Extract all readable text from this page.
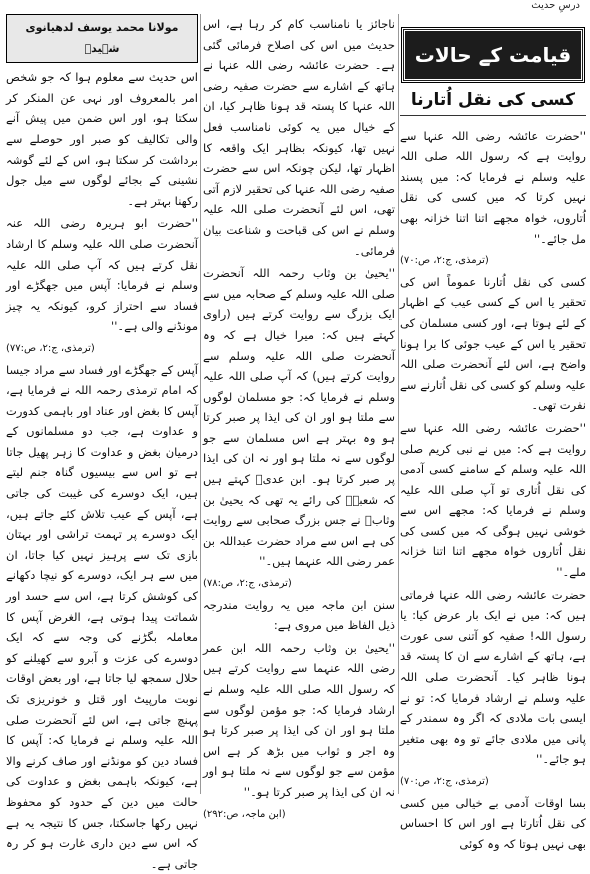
درسِ حدیث
قیامت کے حالات
کسی کی نقل اُتارنا

''حضرت عائشہ رضی اللہ عنہا سے روایت ہے کہ رسول اللہ صلی اللہ علیہ وسلم نے فرمایا کہ: میں پسند نہیں کرتا کہ میں کسی کی نقل اُتاروں، خواہ مجھے اتنا اتنا خزانہ بھی مل جائے۔''

(ترمذی، ج:۲، ص:۷۰)

کسی کی نقل اُتارنا عموماً اس کی تحقیر یا اس کے کسی عیب کے اظہار کے لئے ہوتا ہے، اور کسی مسلمان کی تحقیر یا اس کے عیب جوئی کا برا ہونا واضح ہے، اس لئے آنحضرت صلی اللہ علیہ وسلم کو کسی کی نقل اُتارنے سے نفرت تھی۔

''حضرت عائشہ رضی اللہ عنہا سے روایت ہے کہ: میں نے نبی کریم صلی اللہ علیہ وسلم کے سامنے کسی آدمی کی نقل اُتاری تو آپ صلی اللہ علیہ وسلم نے فرمایا کہ: مجھے اس سے خوشی نہیں ہوگی کہ میں کسی کی نقل اُتاروں خواہ مجھے اتنا اتنا خزانہ ملے۔''

حضرت عائشہ رضی اللہ عنہا فرماتی ہیں کہ: میں نے ایک بار عرض کیا: یا رسول اللہ! صفیہ کو آتنی سی عورت ہے، ہاتھ کے اشارے سے ان کا پستہ قد ہونا ظاہر کیا۔ آنحضرت صلی اللہ علیہ وسلم نے ارشاد فرمایا کہ: تو نے ایسی بات ملادی کہ اگر وہ سمندر کے پانی میں ملادی جائے تو وہ بھی متغیر ہو جائے۔''

(ترمذی، ج:۲، ص:۷۰)

بسا اوقات آدمی بے خیالی میں کسی کی نقل اُتارتا ہے اور اس کا احساس بھی نہیں ہوتا کہ وہ کوئی

ناجائز یا نامناسب کام کر رہا ہے، اس حدیث میں اس کی اصلاح فرمائی گئی ہے۔ حضرت عائشہ رضی اللہ عنہا نے ہاتھ کے اشارے سے حضرت صفیہ رضی اللہ عنہا کا پستہ قد ہونا ظاہر کیا، ان کے خیال میں یہ کوئی نامناسب فعل نہیں تھا، کیونکہ بظاہر ایک واقعہ کا اظہار تھا، لیکن چونکہ اس سے حضرت صفیہ رضی اللہ عنہا کی تحقیر لازم آتی تھی، اس لئے آنحضرت صلی اللہ علیہ وسلم نے اس کی قباحت و شناعت بیان فرمائی۔

''یحییٰ بن وثاب رحمہ اللہ آنحضرت صلی اللہ علیہ وسلم کے صحابہ میں سے ایک بزرگ سے روایت کرتے ہیں (راوی کہتے ہیں کہ: میرا خیال ہے کہ وہ آنحضرت صلی اللہ علیہ وسلم سے روایت کرتے ہیں) کہ آپ صلی اللہ علیہ وسلم نے فرمایا کہ: جو مسلمان لوگوں سے ملتا ہو اور ان کی ایذا پر صبر کرتا ہو وہ بہتر ہے اس مسلمان سے جو لوگوں سے نہ ملتا ہو اور نہ ان کی ایذا پر صبر کرتا ہو۔ ابن عدیؒ کہتے ہیں کہ شعبہؒ کی رائے یہ تھی کہ یحییٰ بن وثابؒ نے جس بزرگ صحابی سے روایت کی ہے اس سے مراد حضرت عبداللہ بن عمر رضی اللہ عنہما ہیں۔''

(ترمذی، ج:۲، ص:۷۸)

سنن ابن ماجہ میں یہ روایت مندرجہ ذیل الفاظ میں مروی ہے:

''یحییٰ بن وثاب رحمہ اللہ ابن عمر رضی اللہ عنہما سے روایت کرتے ہیں کہ رسول اللہ صلی اللہ علیہ وسلم نے ارشاد فرمایا کہ: جو مؤمن لوگوں سے ملتا ہو اور ان کی ایذا پر صبر کرتا ہو وہ اجر و ثواب میں بڑھ کر ہے اس مؤمن سے جو لوگوں سے نہ ملتا ہو اور نہ ان کی ایذا پر صبر کرتا ہو۔''

(ابن ماجہ، ص:۲۹۲)
مولانا محمد یوسف لدھیانوی شہیدؒ

اس حدیث سے معلوم ہوا کہ جو شخص امر بالمعروف اور نہی عن المنکر کر سکتا ہو، اور اس ضمن میں پیش آنے والی تکالیف کو صبر اور حوصلے سے برداشت کر سکتا ہو، اس کے لئے گوشہ نشینی کے بجائے لوگوں سے میل جول رکھنا بہتر ہے۔

''حضرت ابو ہریرہ رضی اللہ عنہ آنحضرت صلی اللہ علیہ وسلم کا ارشاد نقل کرتے ہیں کہ آپ صلی اللہ علیہ وسلم نے فرمایا: آپس میں جھگڑے اور فساد سے احتراز کرو، کیونکہ یہ چیز مونڈنے والی ہے۔''

(ترمذی، ج:۲، ص:۷۷)

آپس کے جھگڑے اور فساد سے مراد جیسا کہ امام ترمذی رحمہ اللہ نے فرمایا ہے، آپس کا بغض اور عناد اور باہمی کدورت و عداوت ہے، جب دو مسلمانوں کے درمیان بغض و عداوت کا زہر پھیل جاتا ہے تو اس سے بیسیوں گناہ جنم لیتے ہیں، ایک دوسرے کی غیبت کی جاتی ہے، آپس کے عیب تلاش کئے جاتے ہیں، ایک دوسرے پر تہمت تراشی اور بہتان بازی تک سے پرہیز نہیں کیا جاتا، ان میں سے ہر ایک، دوسرے کو نیچا دکھانے کی کوشش کرتا ہے، اس سے حسد اور شماتت پیدا ہوتی ہے، الغرض آپس کا معاملہ بگڑنے کی وجہ سے کہ ایک دوسرے کی عزت و آبرو سے کھیلنے کو حلال سمجھ لیا جاتا ہے، اور بعض اوقات نوبت مارپیٹ اور قتل و خونریزی تک پہنچ جاتی ہے، اس لئے آنحضرت صلی اللہ علیہ وسلم نے فرمایا کہ: آپس کا فساد دین کو مونڈنے اور صاف کرنے والا ہے، کیونکہ باہمی بغض و عداوت کی حالت میں دین کے حدود کو محفوظ نہیں رکھا جاسکتا، جس کا نتیجہ یہ ہے کہ اس سے دین داری غارت ہو کر رہ جاتی ہے۔
